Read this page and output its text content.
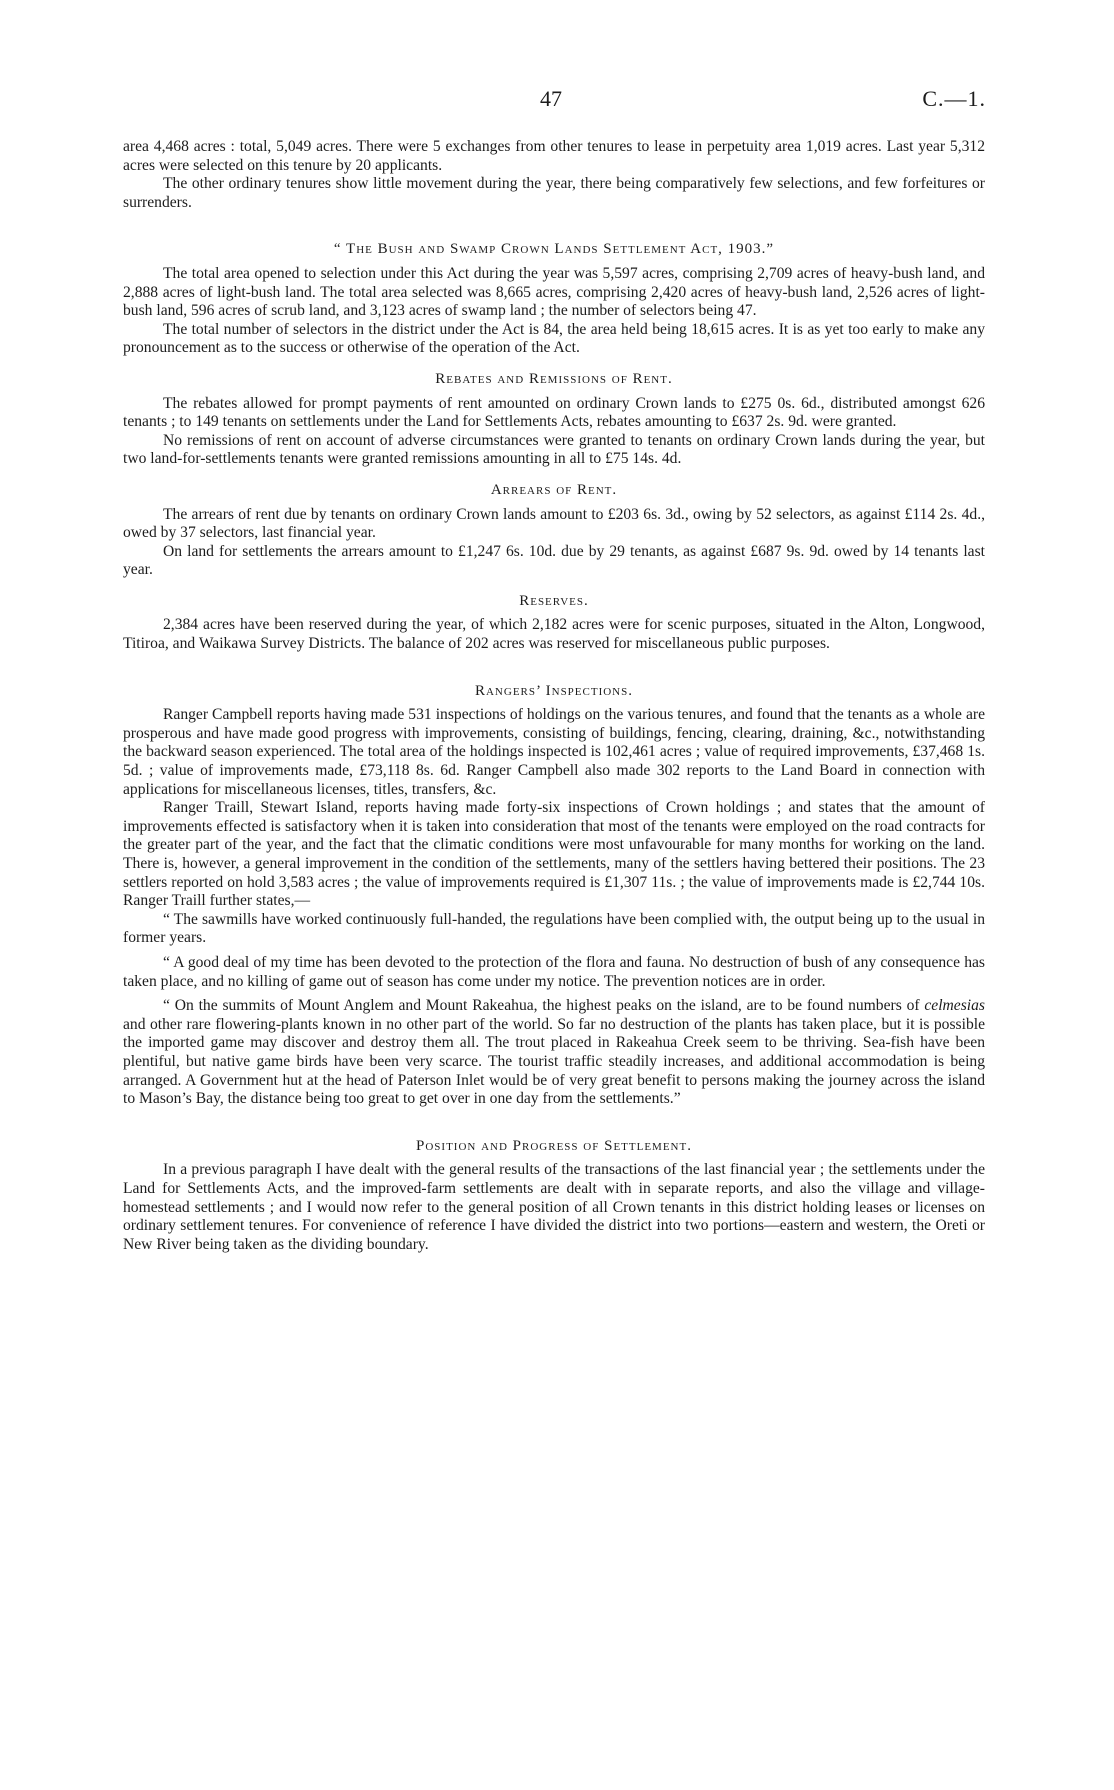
47	C.—1.

area 4,468 acres : total, 5,049 acres. There were 5 exchanges from other tenures to lease in perpetuity area 1,019 acres. Last year 5,312 acres were selected on this tenure by 20 applicants.

The other ordinary tenures show little movement during the year, there being comparatively few selections, and few forfeitures or surrenders.

“ The Bush and Swamp Crown Lands Settlement Act, 1903.”

The total area opened to selection under this Act during the year was 5,597 acres, comprising 2,709 acres of heavy-bush land, and 2,888 acres of light-bush land. The total area selected was 8,665 acres, comprising 2,420 acres of heavy-bush land, 2,526 acres of light-bush land, 596 acres of scrub land, and 3,123 acres of swamp land ; the number of selectors being 47.

The total number of selectors in the district under the Act is 84, the area held being 18,615 acres. It is as yet too early to make any pronouncement as to the success or otherwise of the operation of the Act.

Rebates and Remissions of Rent.

The rebates allowed for prompt payments of rent amounted on ordinary Crown lands to £275 0s. 6d., distributed amongst 626 tenants ; to 149 tenants on settlements under the Land for Settlements Acts, rebates amounting to £637 2s. 9d. were granted.

No remissions of rent on account of adverse circumstances were granted to tenants on ordinary Crown lands during the year, but two land-for-settlements tenants were granted remissions amounting in all to £75 14s. 4d.

Arrears of Rent.

The arrears of rent due by tenants on ordinary Crown lands amount to £203 6s. 3d., owing by 52 selectors, as against £114 2s. 4d., owed by 37 selectors, last financial year.

On land for settlements the arrears amount to £1,247 6s. 10d. due by 29 tenants, as against £687 9s. 9d. owed by 14 tenants last year.

Reserves.

2,384 acres have been reserved during the year, of which 2,182 acres were for scenic purposes, situated in the Alton, Longwood, Titiroa, and Waikawa Survey Districts. The balance of 202 acres was reserved for miscellaneous public purposes.

Rangers’ Inspections.

Ranger Campbell reports having made 531 inspections of holdings on the various tenures, and found that the tenants as a whole are prosperous and have made good progress with improvements, consisting of buildings, fencing, clearing, draining, &c., notwithstanding the backward season experienced. The total area of the holdings inspected is 102,461 acres ; value of required improvements, £37,468 1s. 5d. ; value of improvements made, £73,118 8s. 6d. Ranger Campbell also made 302 reports to the Land Board in connection with applications for miscellaneous licenses, titles, transfers, &c.

Ranger Traill, Stewart Island, reports having made forty-six inspections of Crown holdings ; and states that the amount of improvements effected is satisfactory when it is taken into consideration that most of the tenants were employed on the road contracts for the greater part of the year, and the fact that the climatic conditions were most unfavourable for many months for working on the land. There is, however, a general improvement in the condition of the settlements, many of the settlers having bettered their positions. The 23 settlers reported on hold 3,583 acres ; the value of improvements required is £1,307 11s. ; the value of improvements made is £2,744 10s. Ranger Traill further states,—

“ The sawmills have worked continuously full-handed, the regulations have been complied with, the output being up to the usual in former years.

“ A good deal of my time has been devoted to the protection of the flora and fauna. No destruction of bush of any consequence has taken place, and no killing of game out of season has come under my notice. The prevention notices are in order.

“ On the summits of Mount Anglem and Mount Rakeahua, the highest peaks on the island, are to be found numbers of celmesias and other rare flowering-plants known in no other part of the world. So far no destruction of the plants has taken place, but it is possible the imported game may discover and destroy them all. The trout placed in Rakeahua Creek seem to be thriving. Sea-fish have been plentiful, but native game birds have been very scarce. The tourist traffic steadily increases, and additional accommodation is being arranged. A Government hut at the head of Paterson Inlet would be of very great benefit to persons making the journey across the island to Mason’s Bay, the distance being too great to get over in one day from the settlements.”

Position and Progress of Settlement.

In a previous paragraph I have dealt with the general results of the transactions of the last financial year ; the settlements under the Land for Settlements Acts, and the improved-farm settlements are dealt with in separate reports, and also the village and village-homestead settlements ; and I would now refer to the general position of all Crown tenants in this district holding leases or licenses on ordinary settlement tenures. For convenience of reference I have divided the district into two portions—eastern and western, the Oreti or New River being taken as the dividing boundary.
